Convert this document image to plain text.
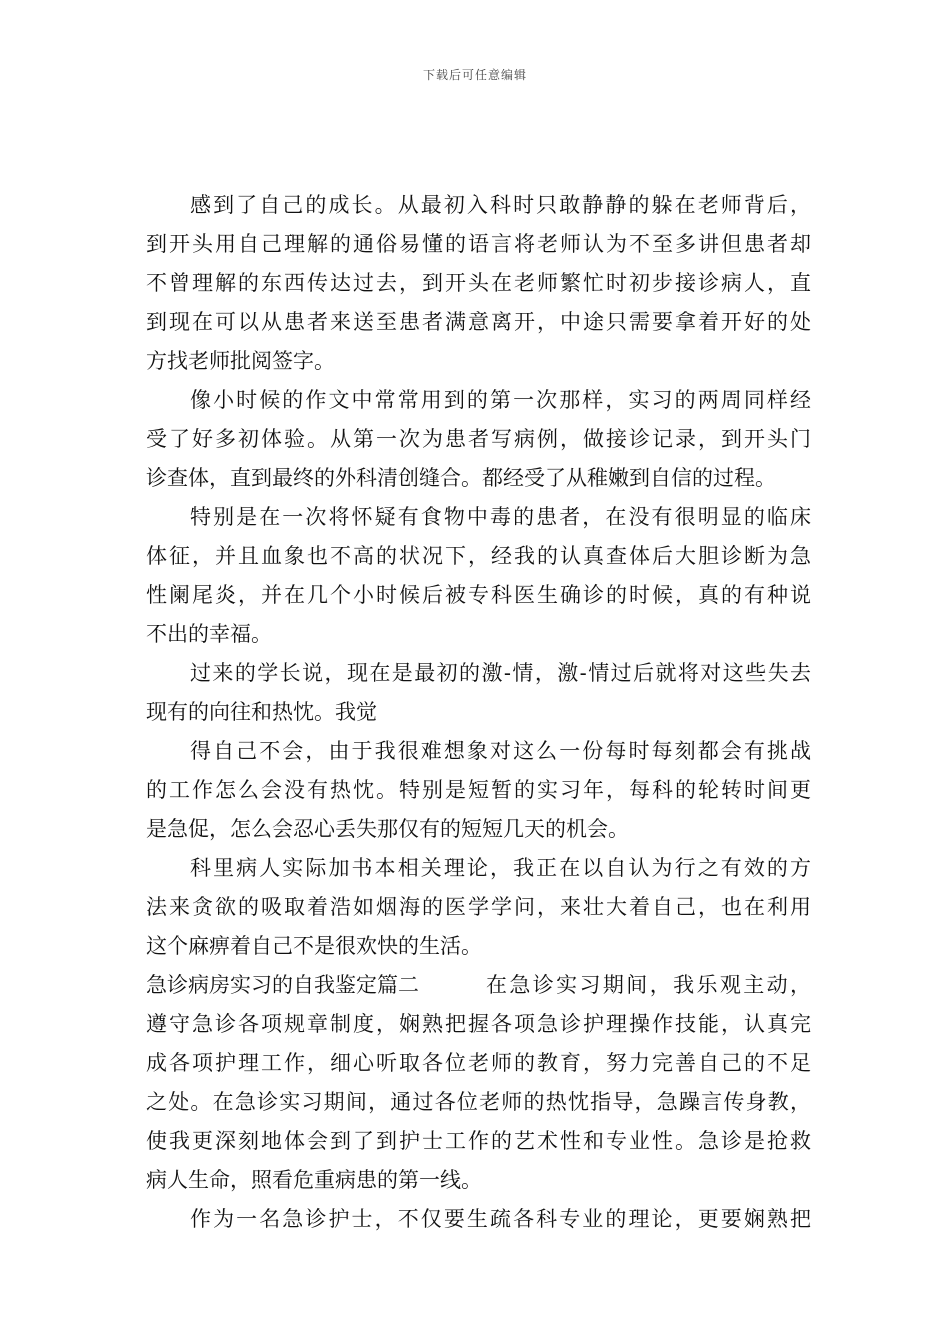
下载后可任意编辑
感到了自己的成长。从最初入科时只敢静静的躲在老师背后，
到开头用自己理解的通俗易懂的语言将老师认为不至多讲但患者却
不曾理解的东西传达过去，到开头在老师繁忙时初步接诊病人，直
到现在可以从患者来送至患者满意离开，中途只需要拿着开好的处
方找老师批阅签字。
像小时候的作文中常常用到的第一次那样，实习的两周同样经
受了好多初体验。从第一次为患者写病例，做接诊记录，到开头门
诊查体，直到最终的外科清创缝合。都经受了从稚嫩到自信的过程。
特别是在一次将怀疑有食物中毒的患者，在没有很明显的临床
体征，并且血象也不高的状况下，经我的认真查体后大胆诊断为急
性阑尾炎，并在几个小时候后被专科医生确诊的时候，真的有种说
不出的幸福。
过来的学长说，现在是最初的激-情，激-情过后就将对这些失去
现有的向往和热忱。我觉
得自己不会，由于我很难想象对这么一份每时每刻都会有挑战
的工作怎么会没有热忱。特别是短暂的实习年，每科的轮转时间更
是急促，怎么会忍心丢失那仅有的短短几天的机会。
科里病人实际加书本相关理论，我正在以自认为行之有效的方
法来贪欲的吸取着浩如烟海的医学学问，来壮大着自己，也在利用
这个麻痹着自己不是很欢快的生活。
急诊病房实习的自我鉴定篇二	在急诊实习期间，我乐观主动，
遵守急诊各项规章制度，娴熟把握各项急诊护理操作技能，认真完
成各项护理工作，细心听取各位老师的教育，努力完善自己的不足
之处。在急诊实习期间，通过各位老师的热忱指导，急躁言传身教，
使我更深刻地体会到了到护士工作的艺术性和专业性。急诊是抢救
病人生命，照看危重病患的第一线。
作为一名急诊护士，不仅要生疏各科专业的理论，更要娴熟把
